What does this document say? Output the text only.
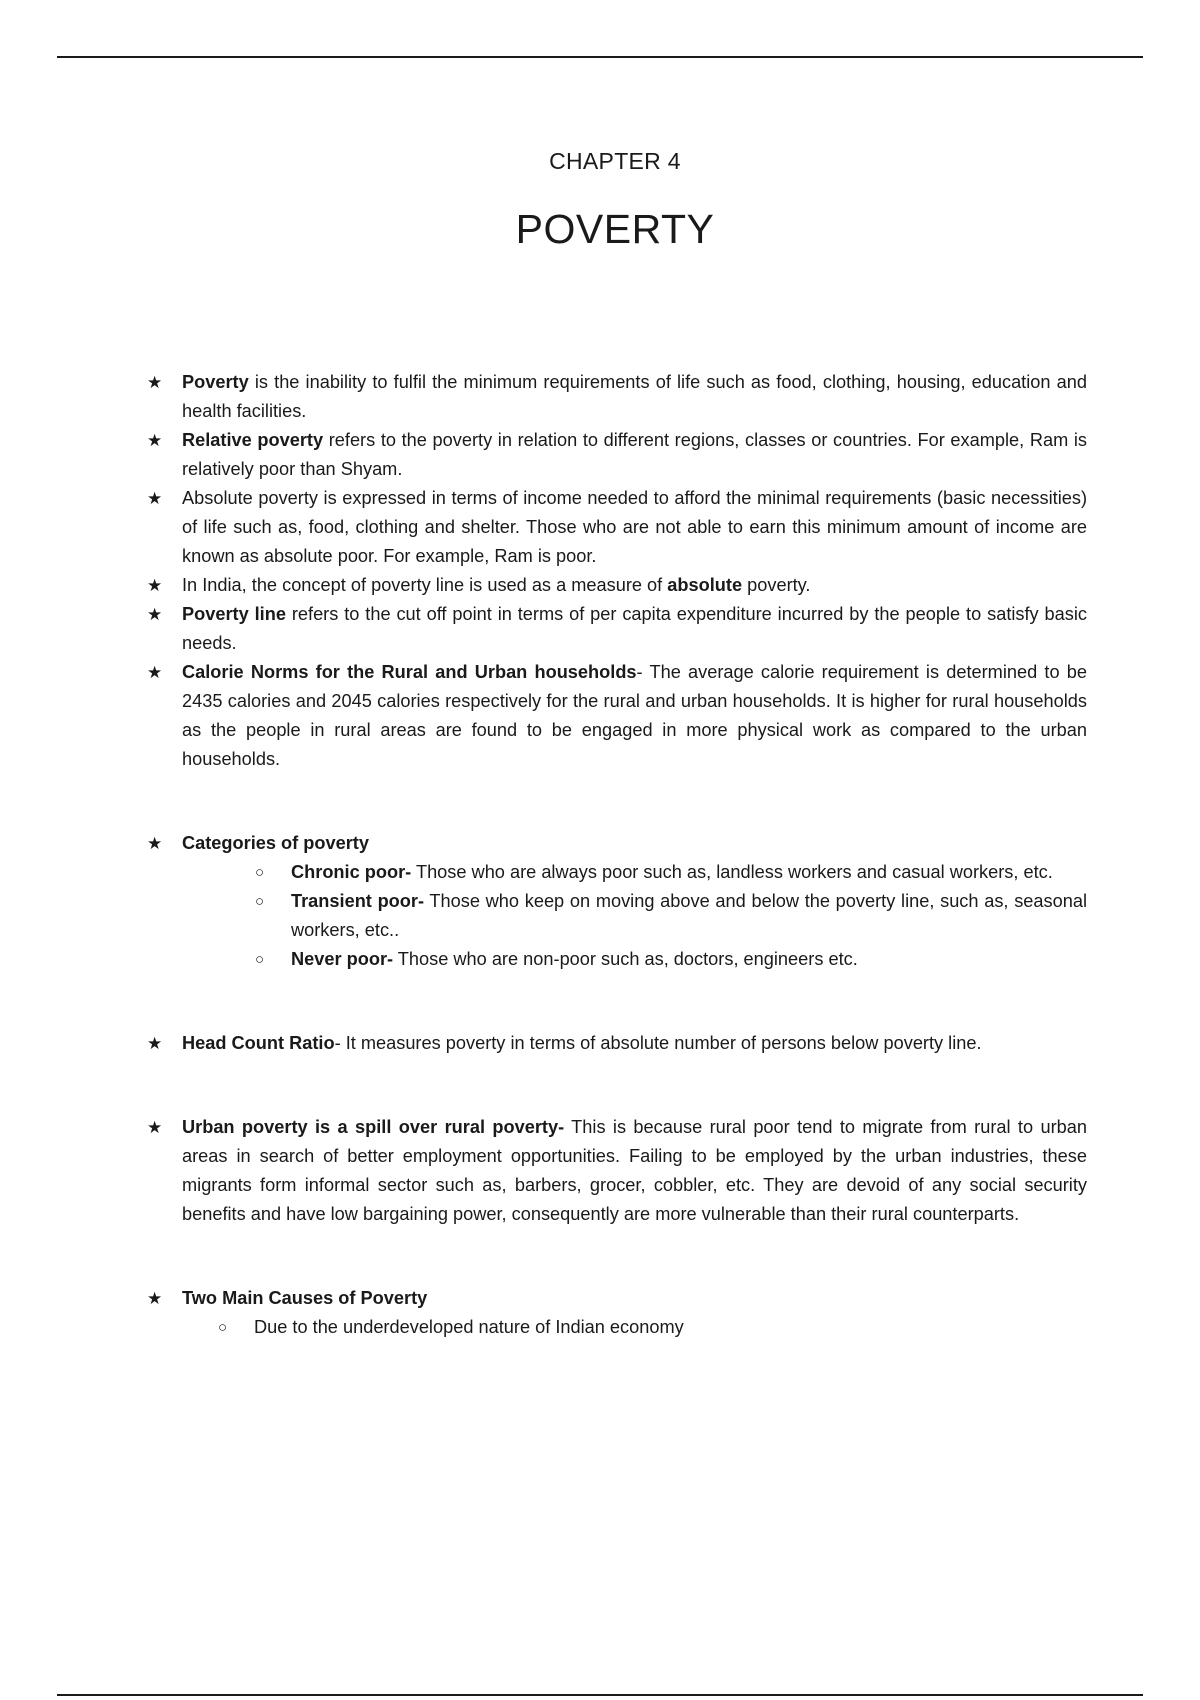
CHAPTER 4
POVERTY
★ Poverty is the inability to fulfil the minimum requirements of life such as food, clothing, housing, education and health facilities.
★ Relative poverty refers to the poverty in relation to different regions, classes or countries. For example, Ram is relatively poor than Shyam.
★ Absolute poverty is expressed in terms of income needed to afford the minimal requirements (basic necessities) of life such as, food, clothing and shelter. Those who are not able to earn this minimum amount of income are known as absolute poor. For example, Ram is poor.
★ In India, the concept of poverty line is used as a measure of absolute poverty.
★ Poverty line refers to the cut off point in terms of per capita expenditure incurred by the people to satisfy basic needs.
★ Calorie Norms for the Rural and Urban households- The average calorie requirement is determined to be 2435 calories and 2045 calories respectively for the rural and urban households. It is higher for rural households as the people in rural areas are found to be engaged in more physical work as compared to the urban households.
★ Categories of poverty
○ Chronic poor- Those who are always poor such as, landless workers and casual workers, etc.
○ Transient poor- Those who keep on moving above and below the poverty line, such as, seasonal workers, etc..
○ Never poor- Those who are non-poor such as, doctors, engineers etc.
★ Head Count Ratio- It measures poverty in terms of absolute number of persons below poverty line.
★ Urban poverty is a spill over rural poverty- This is because rural poor tend to migrate from rural to urban areas in search of better employment opportunities. Failing to be employed by the urban industries, these migrants form informal sector such as, barbers, grocer, cobbler, etc. They are devoid of any social security benefits and have low bargaining power, consequently are more vulnerable than their rural counterparts.
★ Two Main Causes of Poverty
○ Due to the underdeveloped nature of Indian economy
